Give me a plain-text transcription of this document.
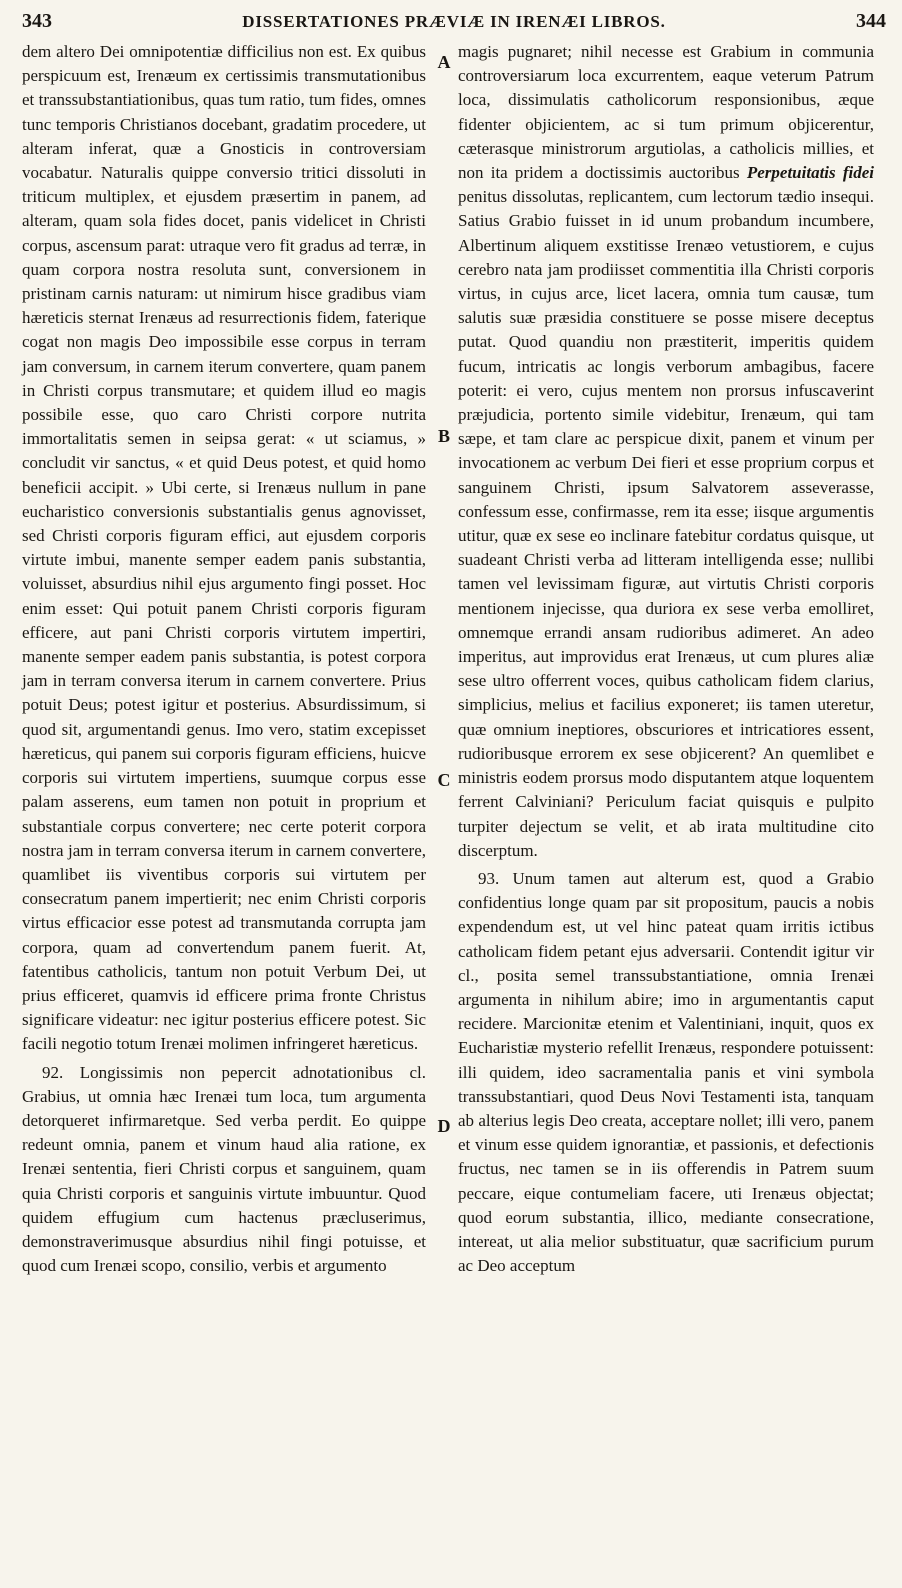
343	DISSERTATIONES PRÆVIÆ IN IRENÆI LIBROS.	344

dem altero Dei omnipotentiæ difficilius non est. Ex quibus perspicuum est, Irenæum ex certissimis transmutationibus et transsubstantiationibus, quas tum ratio, tum fides, omnes tunc temporis Christianos docebant, gradatim procedere, ut alteram inferat, quæ a Gnosticis in controversiam vocabatur. Naturalis quippe conversio tritici dissoluti in triticum multiplex, et ejusdem præsertim in panem, ad alteram, quam sola fides docet, panis videlicet in Christi corpus, ascensum parat: utraque vero fit gradus ad terræ, in quam corpora nostra resoluta sunt, conversionem in pristinam carnis naturam: ut nimirum hisce gradibus viam hæreticis sternat Irenæus ad resurrectionis fidem, faterique cogat non magis Deo impossibile esse corpus in terram jam conversum, in carnem iterum convertere, quam panem in Christi corpus transmutare; et quidem illud eo magis possibile esse, quo caro Christi corpore nutrita immortalitatis semen in seipsa gerat: « ut sciamus, » concludit vir sanctus, « et quid Deus potest, et quid homo beneficii accipit. » Ubi certe, si Irenæus nullum in pane eucharistico conversionis substantialis genus agnovisset, sed Christi corporis figuram effici, aut ejusdem corporis virtute imbui, manente semper eadem panis substantia, voluisset, absurdius nihil ejus argumento fingi posset. Hoc enim esset: Qui potuit panem Christi corporis figuram efficere, aut pani Christi corporis virtutem impertiri, manente semper eadem panis substantia, is potest corpora jam in terram conversa iterum in carnem convertere. Prius potuit Deus; potest igitur et posterius. Absurdissimum, si quod sit, argumentandi genus. Imo vero, statim excepisset hæreticus, qui panem sui corporis figuram efficiens, huicve corporis sui virtutem impertiens, suumque corpus esse palam asserens, eum tamen non potuit in proprium et substantiale corpus convertere; nec certe poterit corpora nostra jam in terram conversa iterum in carnem convertere, quamlibet iis viventibus corporis sui virtutem per consecratum panem impertierit; nec enim Christi corporis virtus efficacior esse potest ad transmutanda corrupta jam corpora, quam ad convertendum panem fuerit. At, fatentibus catholicis, tantum non potuit Verbum Dei, ut prius efficeret, quamvis id efficere prima fronte Christus significare videatur: nec igitur posterius efficere potest. Sic facili negotio totum Irenæi molimen infringeret hæreticus.

92. Longissimis non pepercit adnotationibus cl. Grabius, ut omnia hæc Irenæi tum loca, tum argumenta detorqueret infirmaretque. Sed verba perdit. Eo quippe redeunt omnia, panem et vinum haud alia ratione, ex Irenæi sententia, fieri Christi corpus et sanguinem, quam quia Christi corporis et sanguinis virtute imbuuntur. Quod quidem effugium cum hactenus præcluserimus, demonstraverimusque absurdius nihil fingi potuisse, et quod cum Irenæi scopo, consilio, verbis et argumento

A
B
C
D

magis pugnaret; nihil necesse est Grabium in communia controversiarum loca excurrentem, eaque veterum Patrum loca, dissimulatis catholicorum responsionibus, æque fidenter objicientem, ac si tum primum objicerentur, cæterasque ministrorum argutiolas, a catholicis millies, et non ita pridem a doctissimis auctoribus Perpetuitatis fidei penitus dissolutas, replicantem, cum lectorum tædio insequi. Satius Grabio fuisset in id unum probandum incumbere, Albertinum aliquem exstitisse Irenæo vetustiorem, e cujus cerebro nata jam prodiisset commentitia illa Christi corporis virtus, in cujus arce, licet lacera, omnia tum causæ, tum salutis suæ præsidia constituere se posse misere deceptus putat. Quod quandiu non præstiterit, imperitis quidem fucum, intricatis ac longis verborum ambagibus, facere poterit: ei vero, cujus mentem non prorsus infuscaverint præjudicia, portento simile videbitur, Irenæum, qui tam sæpe, et tam clare ac perspicue dixit, panem et vinum per invocationem ac verbum Dei fieri et esse proprium corpus et sanguinem Christi, ipsum Salvatorem asseverasse, confessum esse, confirmasse, rem ita esse; iisque argumentis utitur, quæ ex sese eo inclinare fatebitur cordatus quisque, ut suadeant Christi verba ad litteram intelligenda esse; nullibi tamen vel levissimam figuræ, aut virtutis Christi corporis mentionem injecisse, qua duriora ex sese verba emolliret, omnemque errandi ansam rudioribus adimeret. An adeo imperitus, aut improvidus erat Irenæus, ut cum plures aliæ sese ultro offerrent voces, quibus catholicam fidem clarius, simplicius, melius et facilius exponeret; iis tamen uteretur, quæ omnium ineptiores, obscuriores et intricatiores essent, rudioribusque errorem ex sese objicerent? An quemlibet e ministris eodem prorsus modo disputantem atque loquentem ferrent Calviniani? Periculum faciat quisquis e pulpito turpiter dejectum se velit, et ab irata multitudine cito discerptum.

93. Unum tamen aut alterum est, quod a Grabio confidentius longe quam par sit propositum, paucis a nobis expendendum est, ut vel hinc pateat quam irritis ictibus catholicam fidem petant ejus adversarii. Contendit igitur vir cl., posita semel transsubstantiatione, omnia Irenæi argumenta in nihilum abire; imo in argumentantis caput recidere. Marcionitæ etenim et Valentiniani, inquit, quos ex Eucharistiæ mysterio refellit Irenæus, respondere potuissent: illi quidem, ideo sacramentalia panis et vini symbola transsubstantiari, quod Deus Novi Testamenti ista, tanquam ab alterius legis Deo creata, acceptare nollet; illi vero, panem et vinum esse quidem ignorantiæ, et passionis, et defectionis fructus, nec tamen se in iis offerendis in Patrem suum peccare, eique contumeliam facere, uti Irenæus objectat; quod eorum substantia, illico, mediante consecratione, intereat, ut alia melior substituatur, quæ sacrificium purum ac Deo acceptum
